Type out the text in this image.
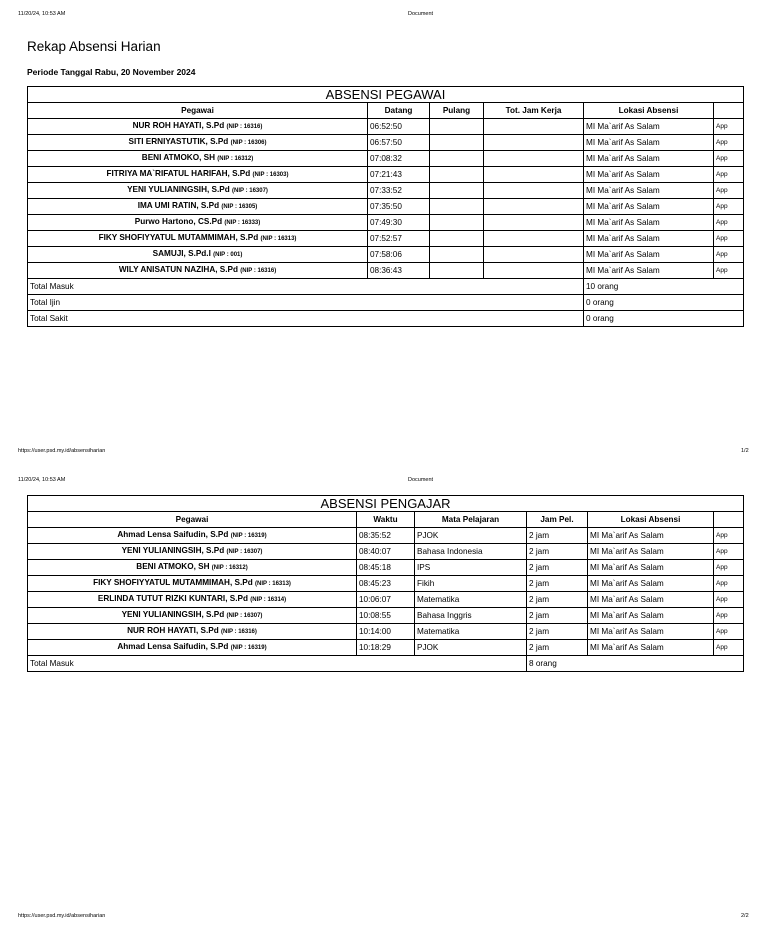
11/20/24, 10:53 AM	Document
Rekap Absensi Harian
Periode Tanggal Rabu, 20 November 2024
ABSENSI PEGAWAI					
Pegawai	Datang	Pulang	Tot. Jam Kerja	Lokasi Absensi	
NUR ROH HAYATI, S.Pd (NIP : 16316)	06:52:50			MI Ma`arif As Salam	App
SITI ERNIYASTUTIK, S.Pd (NIP : 16306)	06:57:50			MI Ma`arif As Salam	App
BENI ATMOKO, SH (NIP : 16312)	07:08:32			MI Ma`arif As Salam	App
FITRIYA MA`RIFATUL HARIFAH, S.Pd (NIP : 16303)	07:21:43			MI Ma`arif As Salam	App
YENI YULIANINGSIH, S.Pd (NIP : 16307)	07:33:52			MI Ma`arif As Salam	App
IMA UMI RATIN, S.Pd (NIP : 16305)	07:35:50			MI Ma`arif As Salam	App
Purwo Hartono, CS.Pd (NIP : 16333)	07:49:30			MI Ma`arif As Salam	App
FIKY SHOFIYYATUL MUTAMMIMAH, S.Pd (NIP : 16313)	07:52:57			MI Ma`arif As Salam	App
SAMUJI, S.Pd.I (NIP : 001)	07:58:06			MI Ma`arif As Salam	App
WILY ANISATUN NAZIHA, S.Pd (NIP : 16316)	08:36:43			MI Ma`arif As Salam	App
Total Masuk				10 orang	
Total Ijin				0 orang	
Total Sakit				0 orang	
https://user.psd.my.id/absensiharian	1/2
11/20/24, 10:53 AM	Document
ABSENSI PENGAJAR					
Pegawai	Waktu	Mata Pelajaran	Jam Pel.	Lokasi Absensi	
Ahmad Lensa Saifudin, S.Pd (NIP : 16319)	08:35:52	PJOK	2 jam	MI Ma`arif As Salam	App
YENI YULIANINGSIH, S.Pd (NIP : 16307)	08:40:07	Bahasa Indonesia	2 jam	MI Ma`arif As Salam	App
BENI ATMOKO, SH (NIP : 16312)	08:45:18	IPS	2 jam	MI Ma`arif As Salam	App
FIKY SHOFIYYATUL MUTAMMIMAH, S.Pd (NIP : 16313)	08:45:23	Fikih	2 jam	MI Ma`arif As Salam	App
ERLINDA TUTUT RIZKI KUNTARI, S.Pd (NIP : 16314)	10:06:07	Matematika	2 jam	MI Ma`arif As Salam	App
YENI YULIANINGSIH, S.Pd (NIP : 16307)	10:08:55	Bahasa Inggris	2 jam	MI Ma`arif As Salam	App
NUR ROH HAYATI, S.Pd (NIP : 16316)	10:14:00	Matematika	2 jam	MI Ma`arif As Salam	App
Ahmad Lensa Saifudin, S.Pd (NIP : 16319)	10:18:29	PJOK	2 jam	MI Ma`arif As Salam	App
Total Masuk			8 orang		
https://user.psd.my.id/absensiharian	2/2
